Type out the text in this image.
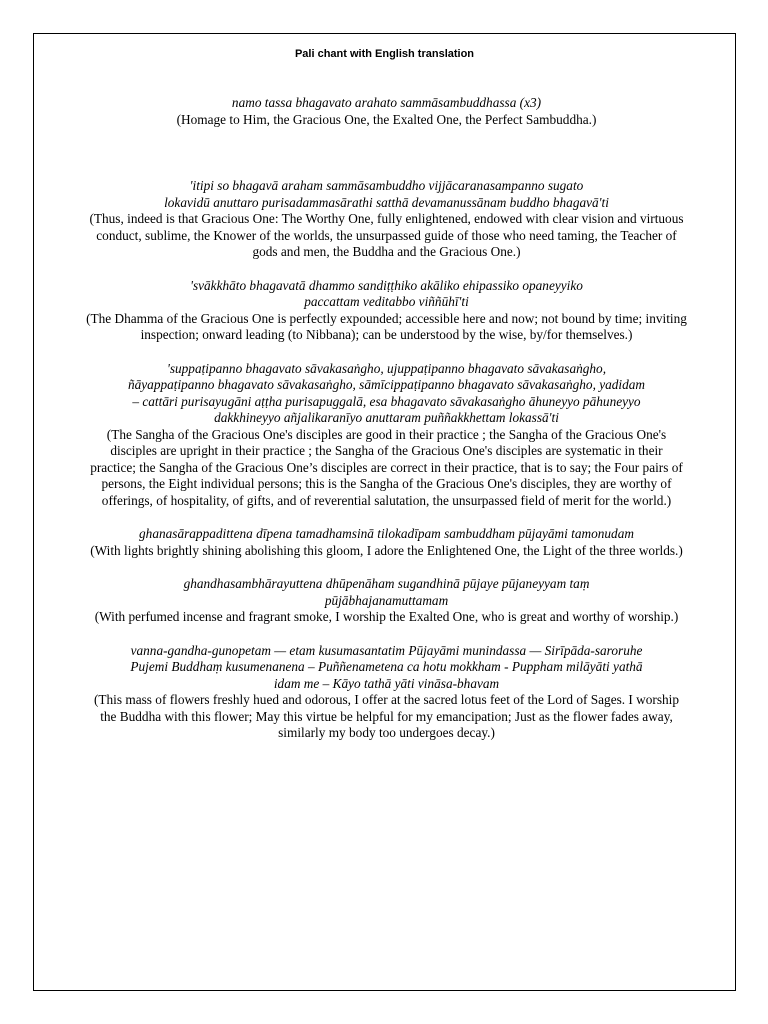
Pali chant with English translation

namo tassa bhagavato arahato sammāsambuddhassa (x3)

(Homage to Him, the Gracious One, the Exalted One, the Perfect Sambuddha.)

'itipi so bhagavā araham sammāsambuddho vijjācaranasampanno sugato

lokavidū anuttaro purisadammasārathi satthā devamanussānam buddho bhagavā'ti

(Thus, indeed is that Gracious One: The Worthy One, fully enlightened, endowed with clear vision and virtuous conduct, sublime, the Knower of the worlds, the unsurpassed guide of those who need taming, the Teacher of gods and men, the Buddha and the Gracious One.)

'svākkhāto bhagavatā dhammo sandiṭṭhiko akāliko ehipassiko opaneyyiko

paccattam veditabbo viññūhī'ti

(The Dhamma of the Gracious One is perfectly expounded; accessible here and now; not bound by time; inviting inspection; onward leading (to Nibbana); can be understood by the wise, by/for themselves.)

'suppaṭipanno bhagavato sāvakasaṅgho, ujuppaṭipanno bhagavato sāvakasaṅgho,

ñāyappaṭipanno bhagavato sāvakasaṅgho, sāmīcippaṭipanno bhagavato sāvakasaṅgho, yadidam

– cattāri purisayugāni aṭṭha purisapuggalā, esa bhagavato sāvakasaṅgho āhuneyyo pāhuneyyo

dakkhineyyo añjalikaranīyo anuttaram puññakkhettam lokassā'ti

(The Sangha of the Gracious One's disciples are good in their practice ; the Sangha of the Gracious One's disciples are upright in their practice ; the Sangha of the Gracious One's disciples are systematic in their practice; the Sangha of the Gracious One’s disciples are correct in their practice, that is to say; the Four pairs of persons, the Eight individual persons; this is the Sangha of the Gracious One's disciples, they are worthy of offerings, of hospitality, of gifts, and of reverential salutation, the unsurpassed field of merit for the world.)

ghanasārappadittena dīpena tamadhamsinā tilokadīpam sambuddham pūjayāmi tamonudam

(With lights brightly shining abolishing this gloom, I adore the Enlightened One, the Light of the three worlds.)

ghandhasambhārayuttena dhūpenāham sugandhinā pūjaye pūjaneyyam taṃ

pūjābhajanamuttamam

(With perfumed incense and fragrant smoke, I worship the Exalted One, who is great and worthy of worship.)

vanna-gandha-gunopetam — etam kusumasantatim Pūjayāmi munindassa — Sirīpāda-saroruhe

Pujemi Buddhaṃ kusumenanena – Puññenametena ca hotu mokkham - Puppham milāyāti yathā

idam me – Kāyo tathā yāti vināsa-bhavam

(This mass of flowers freshly hued and odorous, I offer at the sacred lotus feet of the Lord of Sages. I worship the Buddha with this flower; May this virtue be helpful for my emancipation; Just as the flower fades away, similarly my body too undergoes decay.)
